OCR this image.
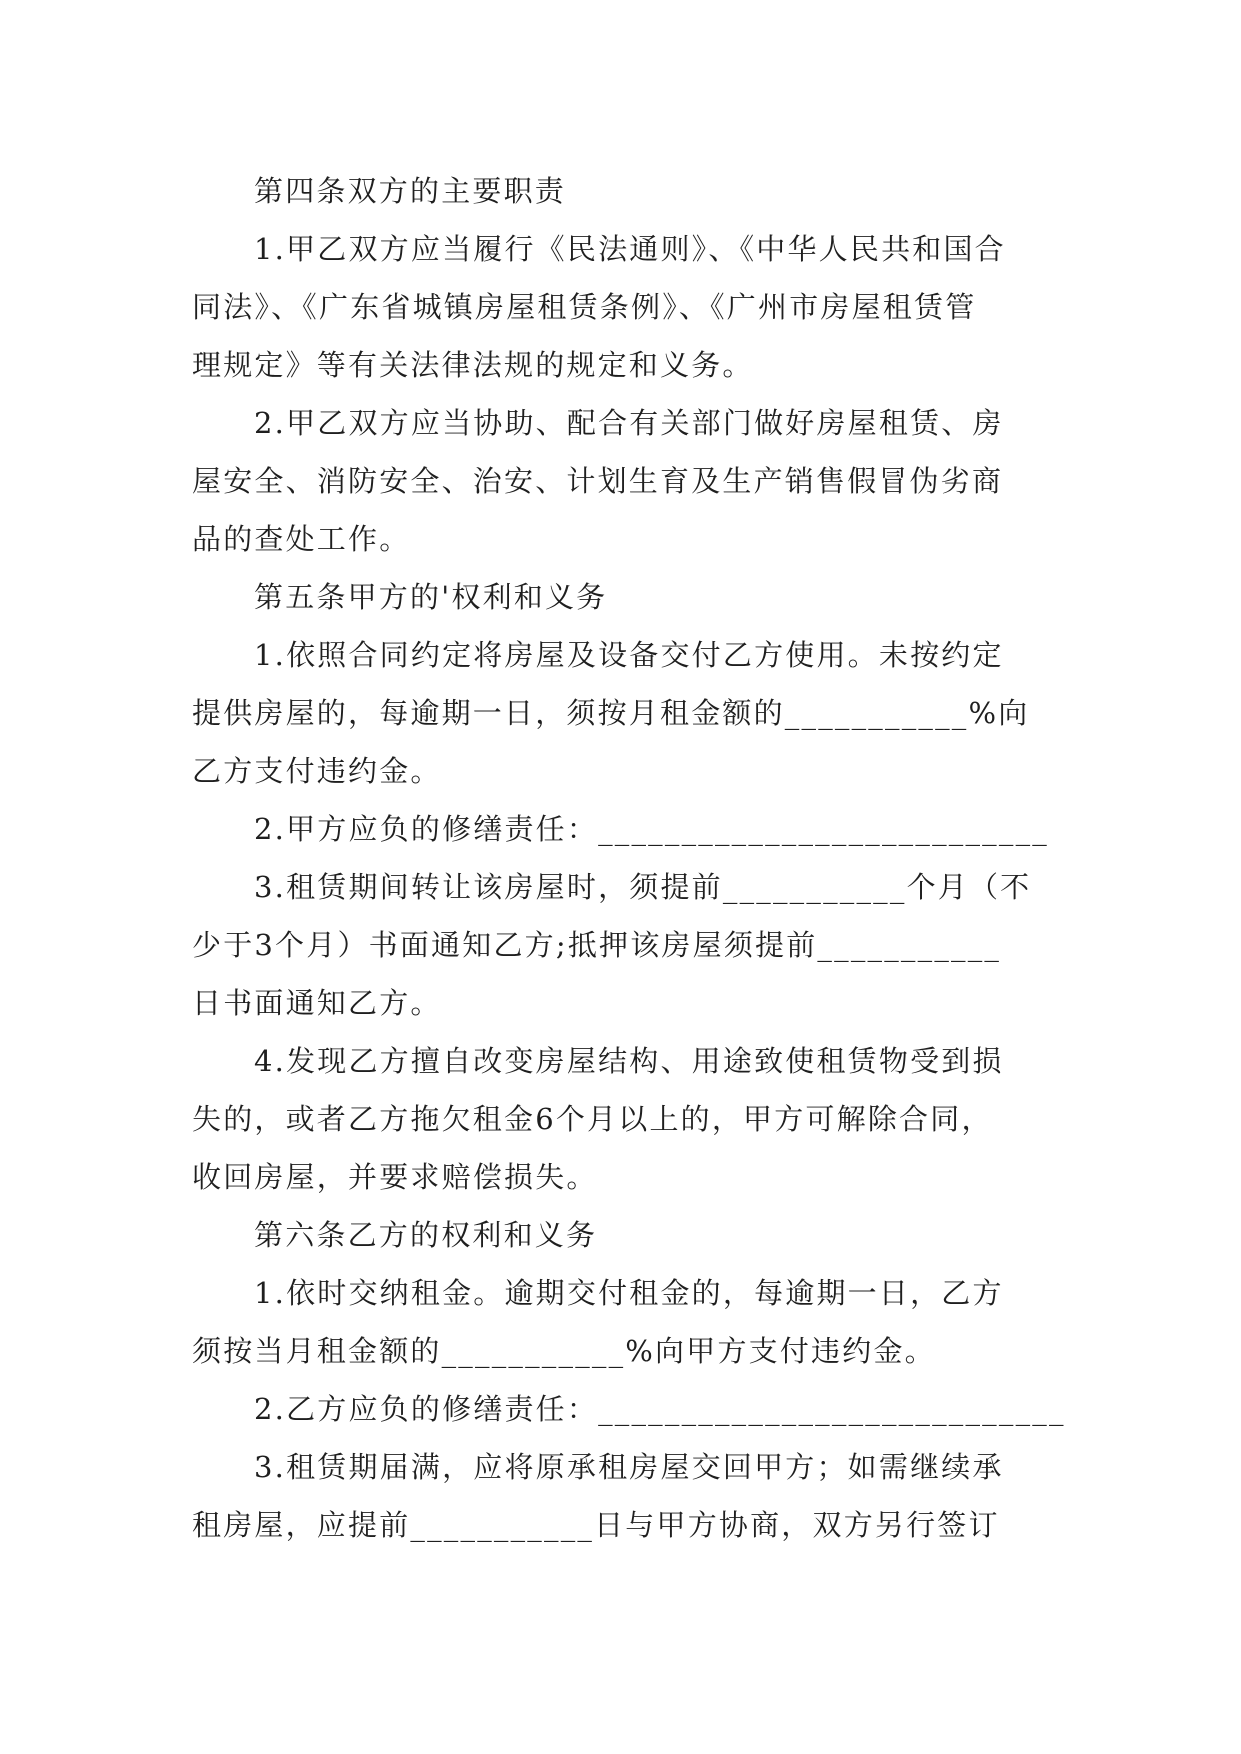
第四条双方的主要职责
1.甲乙双方应当履行《民法通则》、《中华人民共和国合
同法》、《广东省城镇房屋租赁条例》、《广州市房屋租赁管
理规定》等有关法律法规的规定和义务。
2.甲乙双方应当协助、配合有关部门做好房屋租赁、房
屋安全、消防安全、治安、计划生育及生产销售假冒伪劣商
品的查处工作。
第五条甲方的'权利和义务
1.依照合同约定将房屋及设备交付乙方使用。未按约定
提供房屋的，每逾期一日，须按月租金额的___________%向
乙方支付违约金。
2.甲方应负的修缮责任：___________________________
3.租赁期间转让该房屋时，须提前___________个月（不
少于3个月）书面通知乙方;抵押该房屋须提前___________
日书面通知乙方。
4.发现乙方擅自改变房屋结构、用途致使租赁物受到损
失的，或者乙方拖欠租金6个月以上的，甲方可解除合同，
收回房屋，并要求赔偿损失。
第六条乙方的权利和义务
1.依时交纳租金。逾期交付租金的，每逾期一日，乙方
须按当月租金额的___________%向甲方支付违约金。
2.乙方应负的修缮责任：____________________________
3.租赁期届满，应将原承租房屋交回甲方；如需继续承
租房屋，应提前___________日与甲方协商，双方另行签订
